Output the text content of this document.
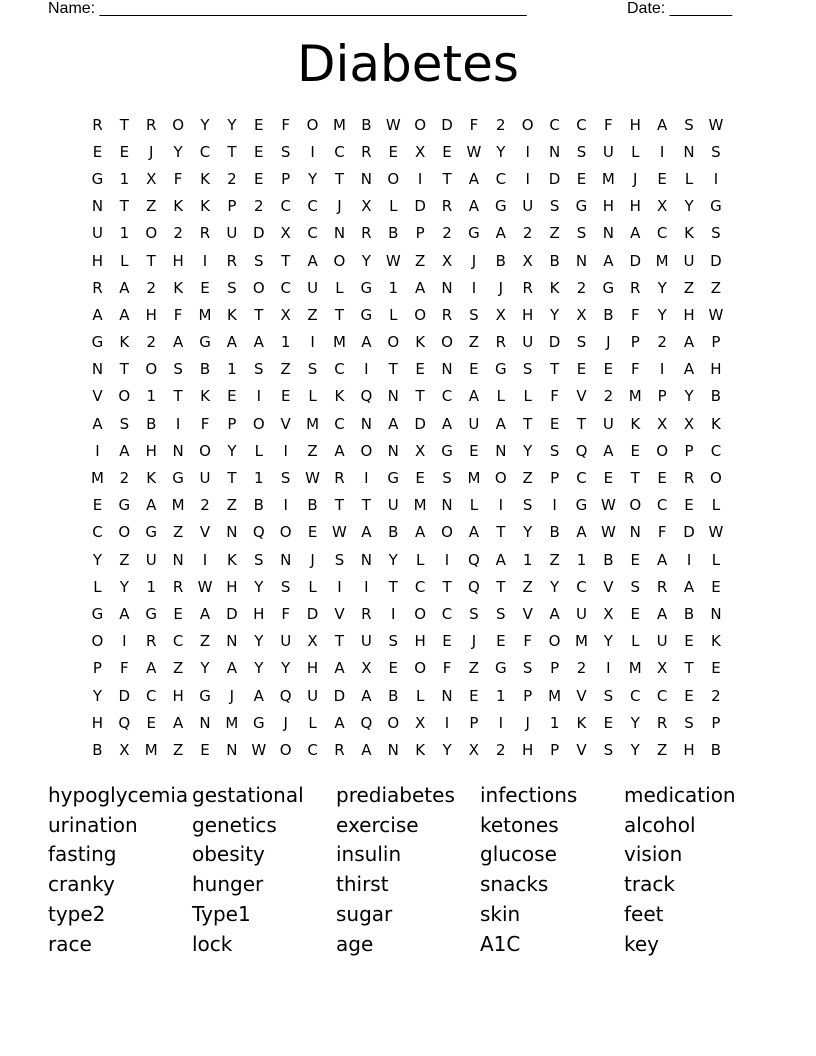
Name: ________________________________________________	Date: _______
Diabetes
R	T	R	O	Y	Y	E	F	O M	B W O	D	F	2	O	C	C	F	H	A	S W
E	E	J	Y	C	T	E	S	I	C	R	E	X	E W Y	I	N	S	U	L	I	N	S
G	1	X	F	K	2	E	P	Y	T	N	O	I	T	A	C	I	D	E	M	J	E	L	I
N	T	Z	K	K	P	2	C	C	J	X	L	D	R	A	G	U	S	G	H	H	X	Y	G
U	1	O	2	R	U	D	X	C	N	R	B	P	2	G	A	2	Z	S	N	A	C	K	S
H	L	T	H	I	R	S	T	A	O	Y W Z	X	J	B	X	B	N	A	D M U	D
R	A	2	K	E	S	O	C	U	L	G	1	A	N	I	J	R	K	2	G	R	Y	Z	Z
A	A	H	F	M	K	T	X	Z	T	G	L	O	R	S	X	H	Y	X	B	F	Y	H W
G	K	2	A	G	A	A	1	I	M	A	O	K	O	Z	R	U	D	S	J	P	2	A	P
N	T	O	S	B	1	S	Z	S	C	I	T	E	N	E	G	S	T	E	E	F	I	A	H
V	O	1	T	K	E	I	E	L	K	Q	N	T	C	A	L	L	F	V	2	M	P	Y	B
A	S	B	I	F	P	O	V	M	C	N	A	D	A	U	A	T	E	T	U	K	X	X	K
I	A	H	N	O	Y	L	I	Z	A	O	N	X	G	E	N	Y	S	Q	A	E	O	P	C
M	2	K	G	U	T	1	S W R	I	G	E	S	M O	Z	P	C	E	T	E	R	O
E	G	A	M	2	Z	B	I	B	T	T	U M N	L	I	S	I	G W O	C	E	L
C	O	G	Z	V	N	Q	O	E W A	B	A	O	A	T	Y	B	A W N	F	D W
Y	Z	U	N	I	K	S	N	J	S	N	Y	L	I	Q	A	1	Z	1	B	E	A	I	L
L	Y	1	R W H	Y	S	L	I	I	T	C	T	Q	T	Z	Y	C	V	S	R	A	E
G	A	G	E	A	D	H	F	D	V	R	I	O	C	S	S	V	A	U	X	E	A	B	N
O	I	R	C	Z	N	Y	U	X	T	U	S	H	E	J	E	F	O M	Y	L	U	E	K
P	F	A	Z	Y	A	Y	Y	H	A	X	E	O	F	Z	G	S	P	2	I	M	X	T	E
Y	D	C	H	G	J	A	Q	U	D	A	B	L	N	E	1	P	M	V	S	C	C	E	2
H	Q	E	A	N M G	J	L	A	Q	O	X	I	P	I	J	1	K	E	Y	R	S	P
B	X	M	Z	E	N W O	C	R	A	N	K	Y	X	2	H	P	V	S	Y	Z	H	B
hypoglycemia gestational	prediabetes	infections	medication
urination	genetics	exercise	ketones	alcohol
fasting	obesity	insulin	glucose	vision
cranky	hunger	thirst	snacks	track
type2	Type1	sugar	skin	feet
race	lock	age	A1C	key
